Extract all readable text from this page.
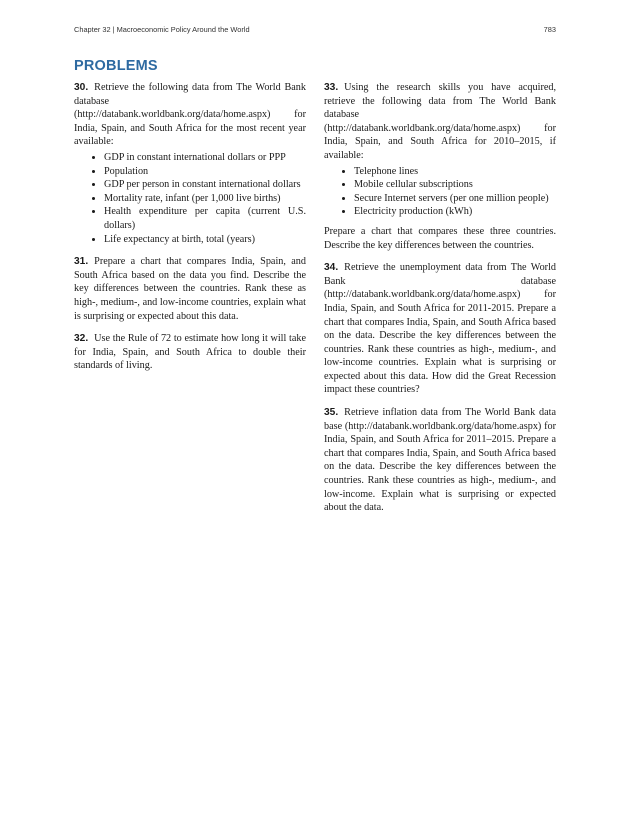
Chapter 32 | Macroeconomic Policy Around the World	783
PROBLEMS
30. Retrieve the following data from The World Bank database (http://databank.worldbank.org/data/home.aspx) for India, Spain, and South Africa for the most recent year available:
• GDP in constant international dollars or PPP
• Population
• GDP per person in constant international dollars
• Mortality rate, infant (per 1,000 live births)
• Health expenditure per capita (current U.S. dollars)
• Life expectancy at birth, total (years)
31. Prepare a chart that compares India, Spain, and South Africa based on the data you find. Describe the key differences between the countries. Rank these as high-, medium-, and low-income countries, explain what is surprising or expected about this data.
32. Use the Rule of 72 to estimate how long it will take for India, Spain, and South Africa to double their standards of living.
33. Using the research skills you have acquired, retrieve the following data from The World Bank database (http://databank.worldbank.org/data/home.aspx) for India, Spain, and South Africa for 2010–2015, if available:
• Telephone lines
• Mobile cellular subscriptions
• Secure Internet servers (per one million people)
• Electricity production (kWh)
Prepare a chart that compares these three countries. Describe the key differences between the countries.
34. Retrieve the unemployment data from The World Bank database (http://databank.worldbank.org/data/home.aspx) for India, Spain, and South Africa for 2011-2015. Prepare a chart that compares India, Spain, and South Africa based on the data. Describe the key differences between the countries. Rank these countries as high-, medium-, and low-income countries. Explain what is surprising or expected about this data. How did the Great Recession impact these countries?
35. Retrieve inflation data from The World Bank data base (http://databank.worldbank.org/data/home.aspx) for India, Spain, and South Africa for 2011–2015. Prepare a chart that compares India, Spain, and South Africa based on the data. Describe the key differences between the countries. Rank these countries as high-, medium-, and low-income. Explain what is surprising or expected about the data.
